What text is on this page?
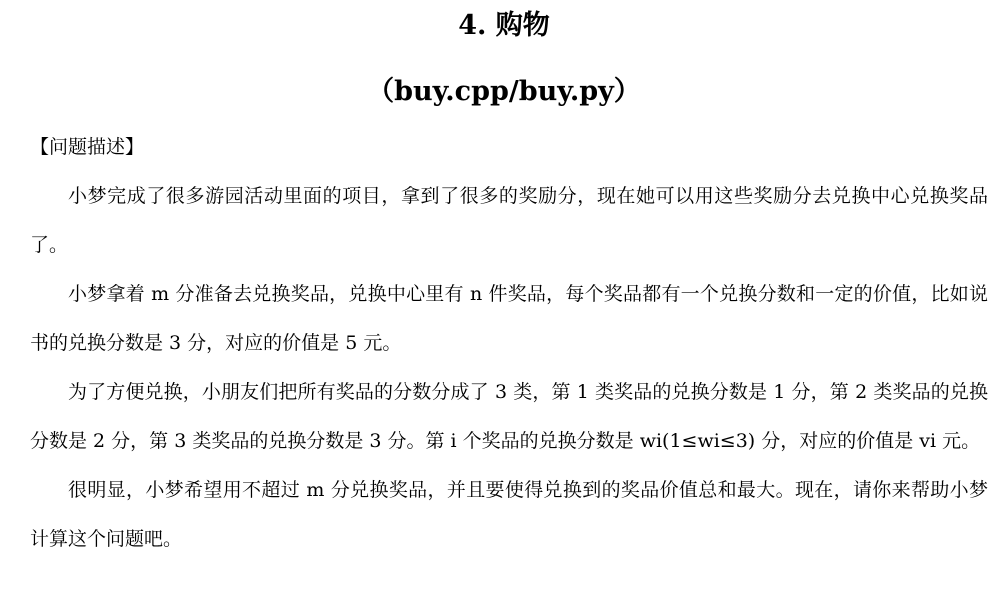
4. 购物
（buy.cpp/buy.py）
【问题描述】

小梦完成了很多游园活动里面的项目，拿到了很多的奖励分，现在她可以用这些奖励分去兑换中心兑换奖品了。

小梦拿着 m 分准备去兑换奖品，兑换中心里有 n 件奖品，每个奖品都有一个兑换分数和一定的价值，比如说书的兑换分数是 3 分，对应的价值是 5 元。

为了方便兑换，小朋友们把所有奖品的分数分成了 3 类，第 1 类奖品的兑换分数是 1 分，第 2 类奖品的兑换分数是 2 分，第 3 类奖品的兑换分数是 3 分。第 i 个奖品的兑换分数是 wi(1≤wi≤3) 分，对应的价值是 vi 元。

很明显，小梦希望用不超过 m 分兑换奖品，并且要使得兑换到的奖品价值总和最大。现在，请你来帮助小梦计算这个问题吧。
